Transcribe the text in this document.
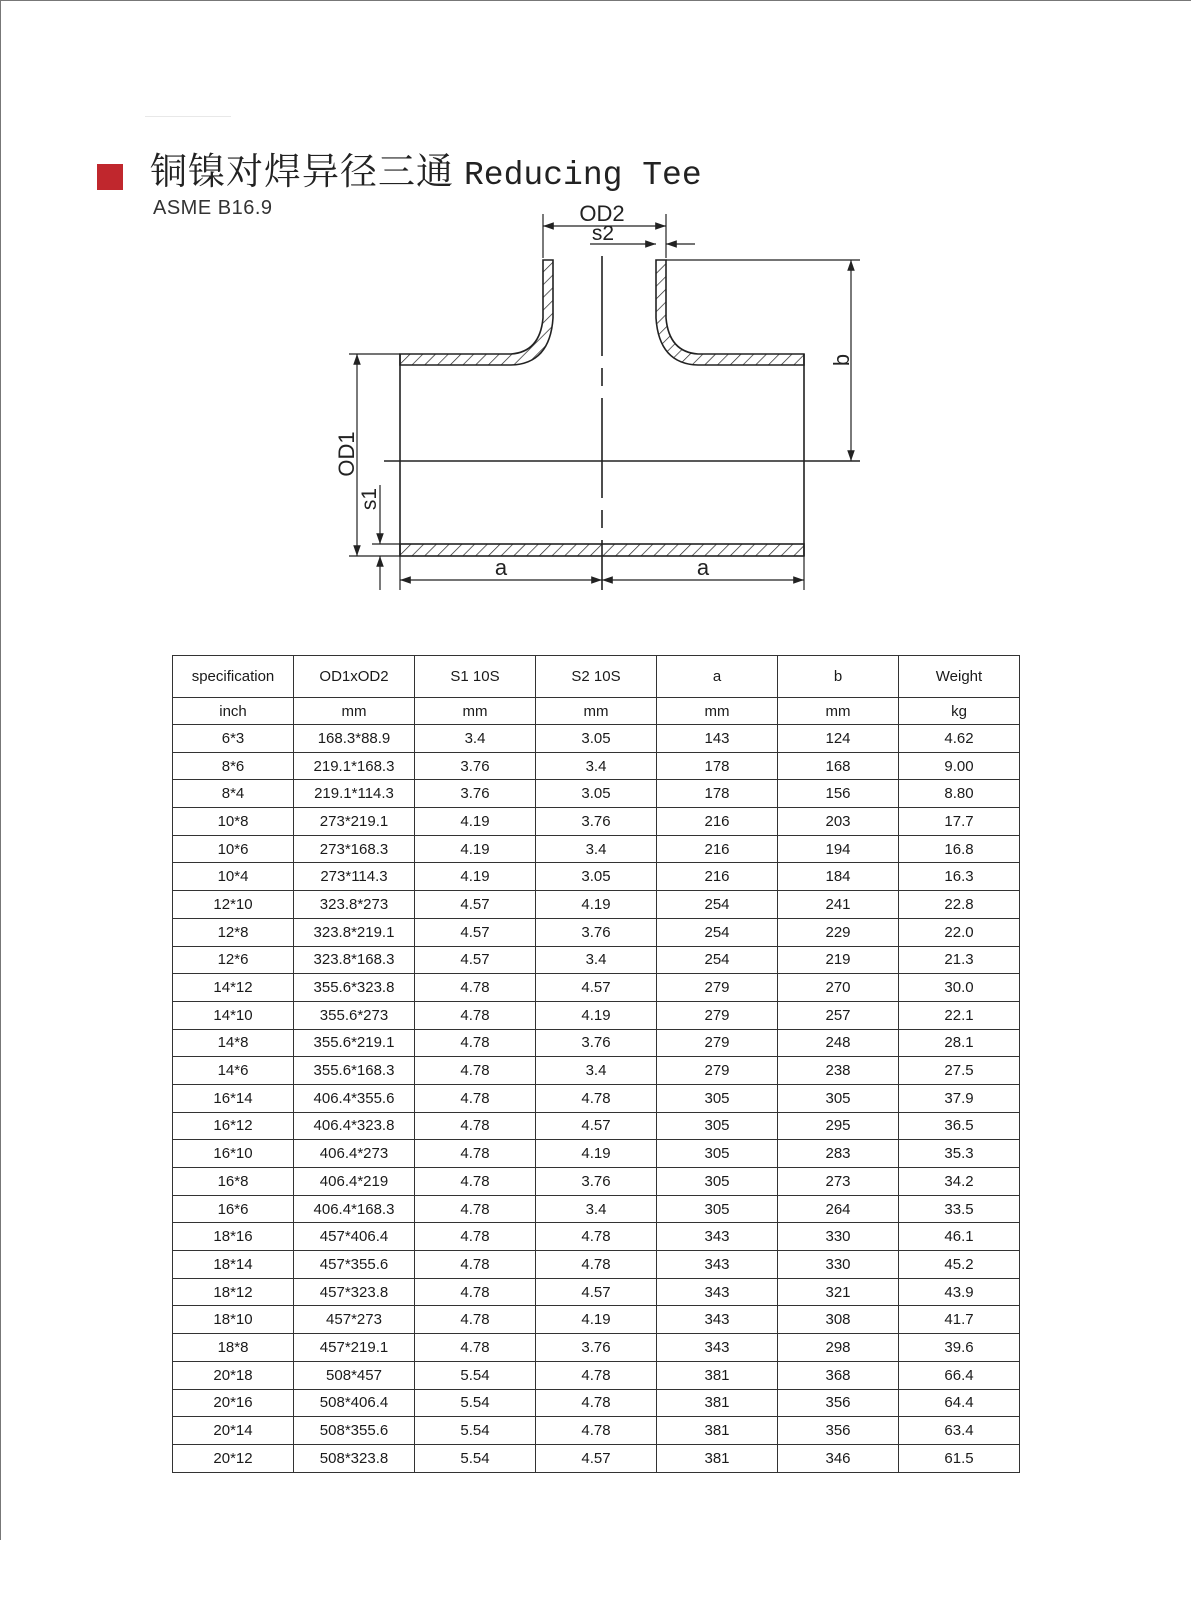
铜镍对焊异径三通 Reducing Tee
ASME B16.9	OD2
s2
b
OD1
s1
a	a
specification	OD1xOD2	S1 10S	S2 10S	a	b	Weight
inch	mm	mm	mm	mm	mm	kg
6*3	168.3*88.9	3.4	3.05	143	124	4.62
8*6	219.1*168.3	3.76	3.4	178	168	9.00
8*4	219.1*114.3	3.76	3.05	178	156	8.80
10*8	273*219.1	4.19	3.76	216	203	17.7
10*6	273*168.3	4.19	3.4	216	194	16.8
10*4	273*114.3	4.19	3.05	216	184	16.3
12*10	323.8*273	4.57	4.19	254	241	22.8
12*8	323.8*219.1	4.57	3.76	254	229	22.0
12*6	323.8*168.3	4.57	3.4	254	219	21.3
14*12	355.6*323.8	4.78	4.57	279	270	30.0
14*10	355.6*273	4.78	4.19	279	257	22.1
14*8	355.6*219.1	4.78	3.76	279	248	28.1
14*6	355.6*168.3	4.78	3.4	279	238	27.5
16*14	406.4*355.6	4.78	4.78	305	305	37.9
16*12	406.4*323.8	4.78	4.57	305	295	36.5
16*10	406.4*273	4.78	4.19	305	283	35.3
16*8	406.4*219	4.78	3.76	305	273	34.2
16*6	406.4*168.3	4.78	3.4	305	264	33.5
18*16	457*406.4	4.78	4.78	343	330	46.1
18*14	457*355.6	4.78	4.78	343	330	45.2
18*12	457*323.8	4.78	4.57	343	321	43.9
18*10	457*273	4.78	4.19	343	308	41.7
18*8	457*219.1	4.78	3.76	343	298	39.6
20*18	508*457	5.54	4.78	381	368	66.4
20*16	508*406.4	5.54	4.78	381	356	64.4
20*14	508*355.6	5.54	4.78	381	356	63.4
20*12	508*323.8	5.54	4.57	381	346	61.5
